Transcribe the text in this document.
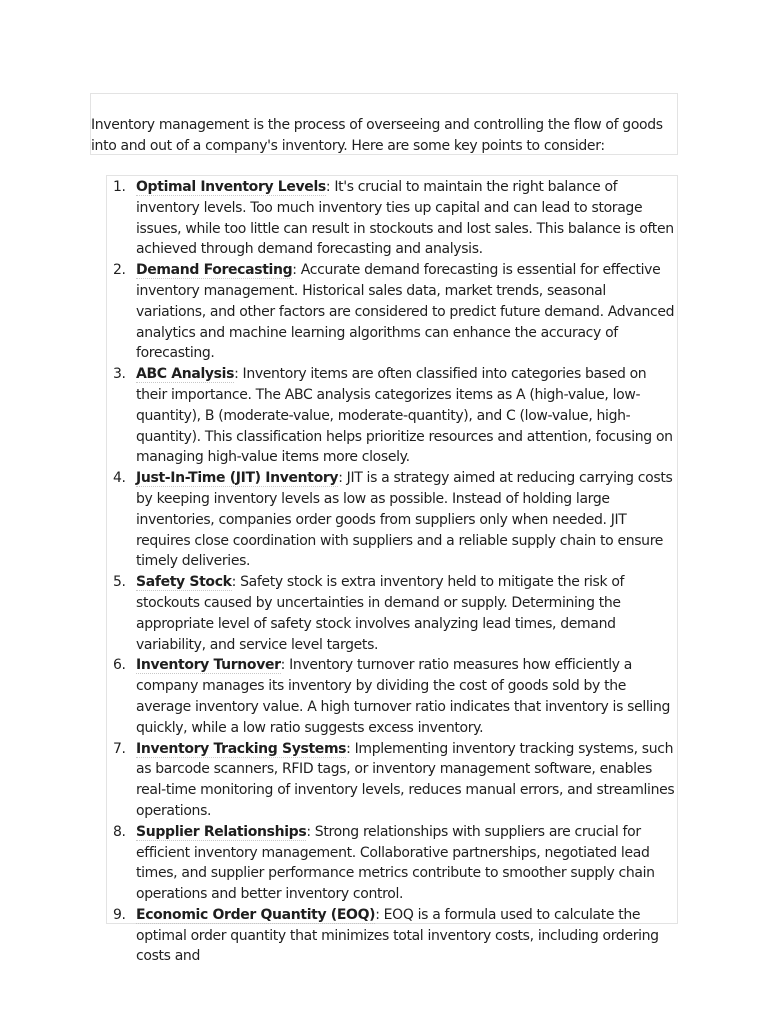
Inventory management is the process of overseeing and controlling the flow of goods into and out of a company's inventory. Here are some key points to consider:

1. Optimal Inventory Levels: It's crucial to maintain the right balance of inventory levels. Too much inventory ties up capital and can lead to storage issues, while too little can result in stockouts and lost sales. This balance is often achieved through demand forecasting and analysis.
2. Demand Forecasting: Accurate demand forecasting is essential for effective inventory management. Historical sales data, market trends, seasonal variations, and other factors are considered to predict future demand. Advanced analytics and machine learning algorithms can enhance the accuracy of forecasting.
3. ABC Analysis: Inventory items are often classified into categories based on their importance. The ABC analysis categorizes items as A (high-value, low-quantity), B (moderate-value, moderate-quantity), and C (low-value, high-quantity). This classification helps prioritize resources and attention, focusing on managing high-value items more closely.
4. Just-In-Time (JIT) Inventory: JIT is a strategy aimed at reducing carrying costs by keeping inventory levels as low as possible. Instead of holding large inventories, companies order goods from suppliers only when needed. JIT requires close coordination with suppliers and a reliable supply chain to ensure timely deliveries.
5. Safety Stock: Safety stock is extra inventory held to mitigate the risk of stockouts caused by uncertainties in demand or supply. Determining the appropriate level of safety stock involves analyzing lead times, demand variability, and service level targets.
6. Inventory Turnover: Inventory turnover ratio measures how efficiently a company manages its inventory by dividing the cost of goods sold by the average inventory value. A high turnover ratio indicates that inventory is selling quickly, while a low ratio suggests excess inventory.
7. Inventory Tracking Systems: Implementing inventory tracking systems, such as barcode scanners, RFID tags, or inventory management software, enables real-time monitoring of inventory levels, reduces manual errors, and streamlines operations.
8. Supplier Relationships: Strong relationships with suppliers are crucial for efficient inventory management. Collaborative partnerships, negotiated lead times, and supplier performance metrics contribute to smoother supply chain operations and better inventory control.
9. Economic Order Quantity (EOQ): EOQ is a formula used to calculate the optimal order quantity that minimizes total inventory costs, including ordering costs and
